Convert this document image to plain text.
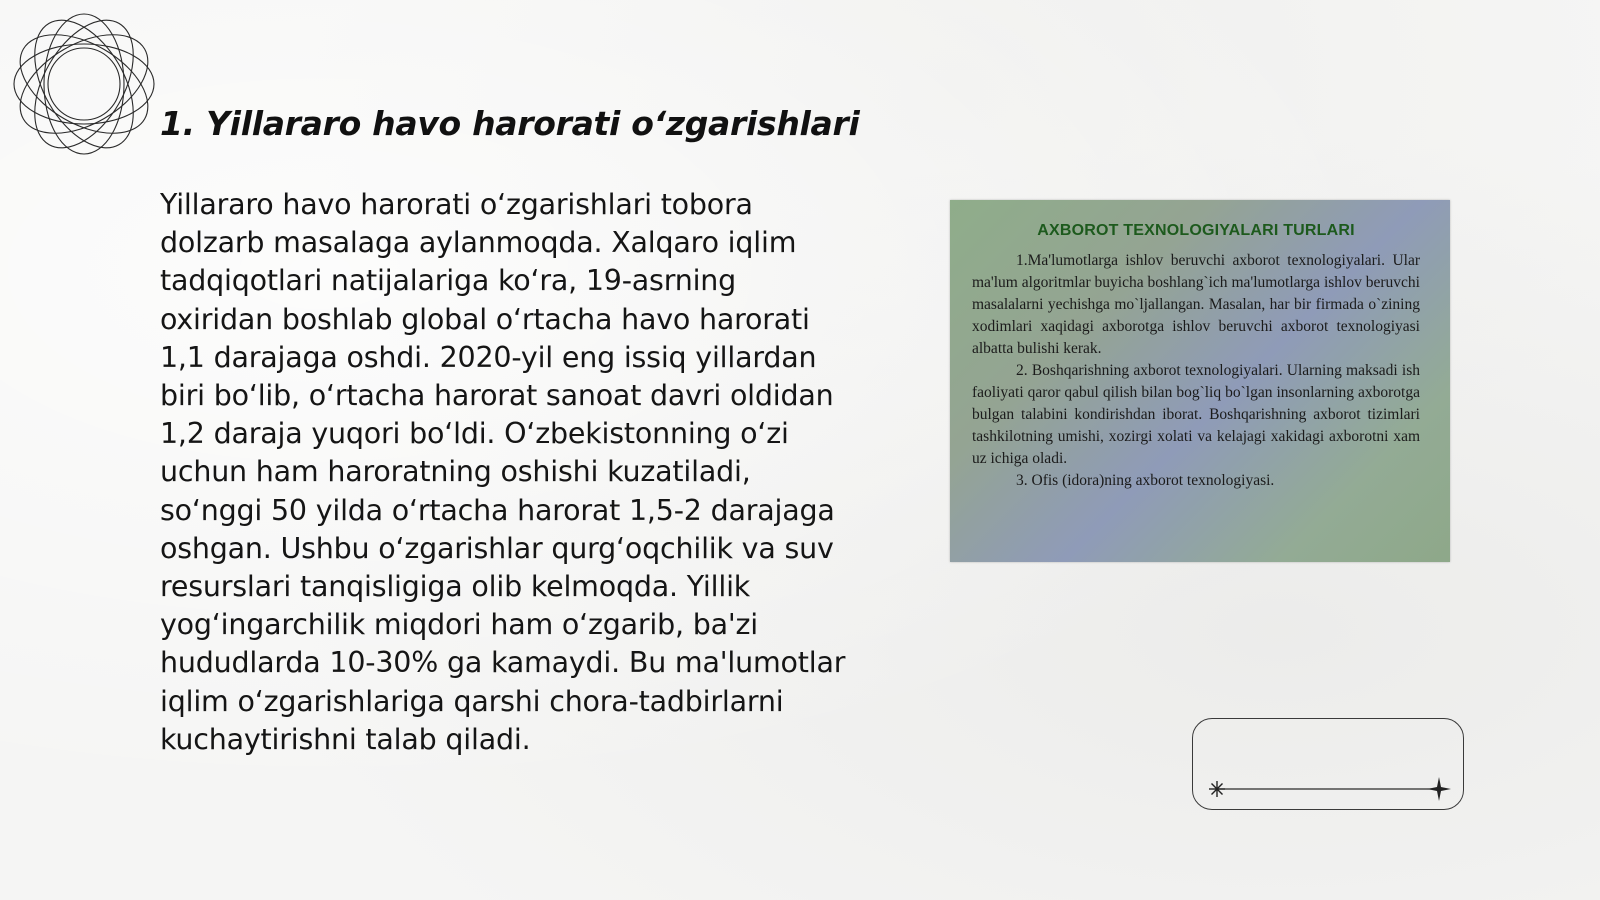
1. Yillararo havo harorati o‘zgarishlari

Yillararo havo harorati o‘zgarishlari tobora dolzarb masalaga aylanmoqda. Xalqaro iqlim tadqiqotlari natijalariga ko‘ra, 19-asrning oxiridan boshlab global o‘rtacha havo harorati 1,1 darajaga oshdi. 2020-yil eng issiq yillardan biri bo‘lib, o‘rtacha harorat sanoat davri oldidan 1,2 daraja yuqori bo‘ldi. O‘zbekistonning o‘zi uchun ham haroratning oshishi kuzatiladi, so‘nggi 50 yilda o‘rtacha harorat 1,5-2 darajaga oshgan. Ushbu o‘zgarishlar qurg‘oqchilik va suv resurslari tanqisligiga olib kelmoqda. Yillik yog‘ingarchilik miqdori ham o‘zgarib, ba'zi hududlarda 10-30% ga kamaydi. Bu ma'lumotlar iqlim o‘zgarishlariga qarshi chora-tadbirlarni kuchaytirishni talab qiladi.

AXBOROT TEXNOLOGIYALARI TURLARI

1.Ma'lumotlarga ishlov beruvchi axborot texnologiyalari. Ular ma'lum algoritmlar buyicha boshlang`ich ma'lumotlarga ishlov beruvchi masalalarni yechishga mo`ljallangan. Masalan, har bir firmada o`zining xodimlari xaqidagi axborotga ishlov beruvchi axborot texnologiyasi albatta bulishi kerak.

2. Boshqarishning axborot texnologiyalari. Ularning maksadi ish faoliyati qaror qabul qilish bilan bog`liq bo`lgan insonlarning axborotga bulgan talabini kondirishdan iborat. Boshqarishning axborot tizimlari tashkilotning umishi, xozirgi xolati va kelajagi xakidagi axborotni xam uz ichiga oladi.

3. Ofis (idora)ning axborot texnologiyasi.
